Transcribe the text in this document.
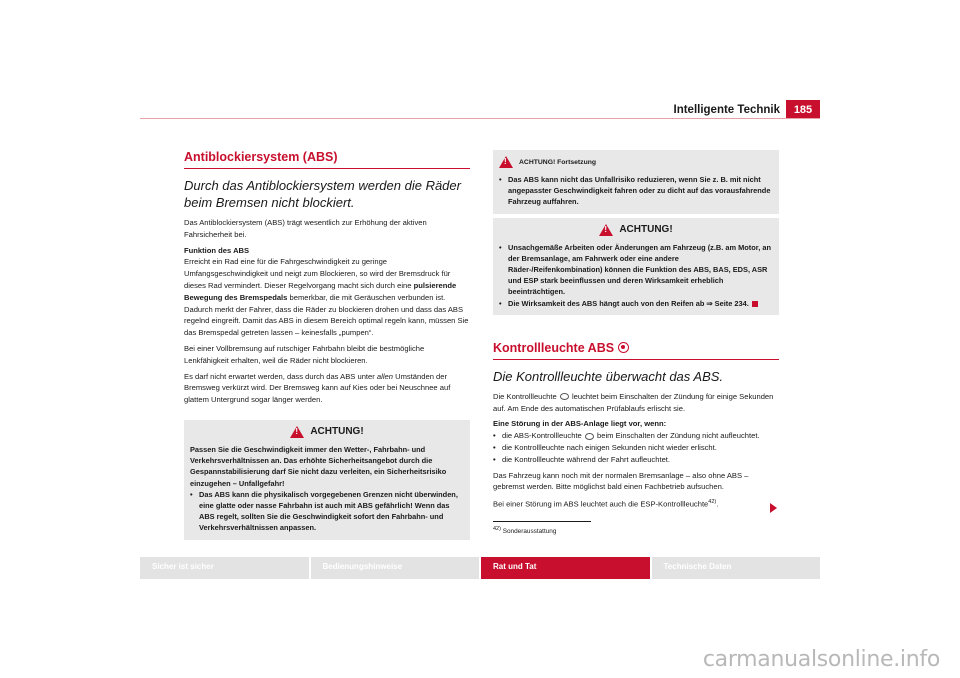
Intelligente Technik	185
Antiblockiersystem (ABS)
Durch das Antiblockiersystem werden die Räder beim Bremsen nicht blockiert.

Das Antiblockiersystem (ABS) trägt wesentlich zur Erhöhung der aktiven Fahrsicherheit bei.

Funktion des ABS

Erreicht ein Rad eine für die Fahrgeschwindigkeit zu geringe Umfangsgeschwindigkeit und neigt zum Blockieren, so wird der Bremsdruck für dieses Rad vermindert. Dieser Regelvorgang macht sich durch eine pulsierende Bewegung des Bremspedals bemerkbar, die mit Geräuschen verbunden ist. Dadurch merkt der Fahrer, dass die Räder zu blockieren drohen und dass das ABS regelnd eingreift. Damit das ABS in diesem Bereich optimal regeln kann, müssen Sie das Bremspedal getreten lassen – keinesfalls „pumpen“.

Bei einer Vollbremsung auf rutschiger Fahrbahn bleibt die bestmögliche Lenkfähigkeit erhalten, weil die Räder nicht blockieren.

Es darf nicht erwartet werden, dass durch das ABS unter allen Umständen der Bremsweg verkürzt wird. Der Bremsweg kann auf Kies oder bei Neuschnee auf glattem Untergrund sogar länger werden.

!
ACHTUNG!

Passen Sie die Geschwindigkeit immer den Wetter-, Fahrbahn- und Verkehrsverhältnissen an. Das erhöhte Sicherheitsangebot durch die Gespannstabilisierung darf Sie nicht dazu verleiten, ein Sicherheitsrisiko einzugehen – Unfallgefahr!

• Das ABS kann die physikalisch vorgegebenen Grenzen nicht überwinden, eine glatte oder nasse Fahrbahn ist auch mit ABS gefährlich! Wenn das ABS regelt, sollten Sie die Geschwindigkeit sofort den Fahrbahn- und Verkehrsverhältnissen anpassen.
!
ACHTUNG! Fortsetzung
• Das ABS kann nicht das Unfallrisiko reduzieren, wenn Sie z. B. mit nicht angepasster Geschwindigkeit fahren oder zu dicht auf das vorausfahrende Fahrzeug auffahren.
!
ACHTUNG!
• Unsachgemäße Arbeiten oder Änderungen am Fahrzeug (z.B. am Motor, an der Bremsanlage, am Fahrwerk oder eine andere Räder-/Reifenkombination) können die Funktion des ABS, BAS, EDS, ASR und ESP stark beeinflussen und deren Wirksamkeit erheblich beeinträchtigen.
• Die Wirksamkeit des ABS hängt auch von den Reifen ab ⇒ Seite 234.
Kontrollleuchte ABS
Die Kontrollleuchte überwacht das ABS.

Die Kontrollleuchte leuchtet beim Einschalten der Zündung für einige Sekunden auf. Am Ende des automatischen Prüfablaufs erlischt sie.

Eine Störung in der ABS-Anlage liegt vor, wenn:

• die ABS-Kontrollleuchte beim Einschalten der Zündung nicht aufleuchtet.
• die Kontrollleuchte nach einigen Sekunden nicht wieder erlischt.
• die Kontrollleuchte während der Fahrt aufleuchtet.

Das Fahrzeug kann noch mit der normalen Bremsanlage – also ohne ABS – gebremst werden. Bitte möglichst bald einen Fachbetrieb aufsuchen.

Bei einer Störung im ABS leuchtet auch die ESP-Kontrollleuchte$^{42)}$.

42) Sonderausstattung

Sicher ist sicher	Bedienungshinweise	Rat und Tat	Technische Daten
carmanualsonline.info
